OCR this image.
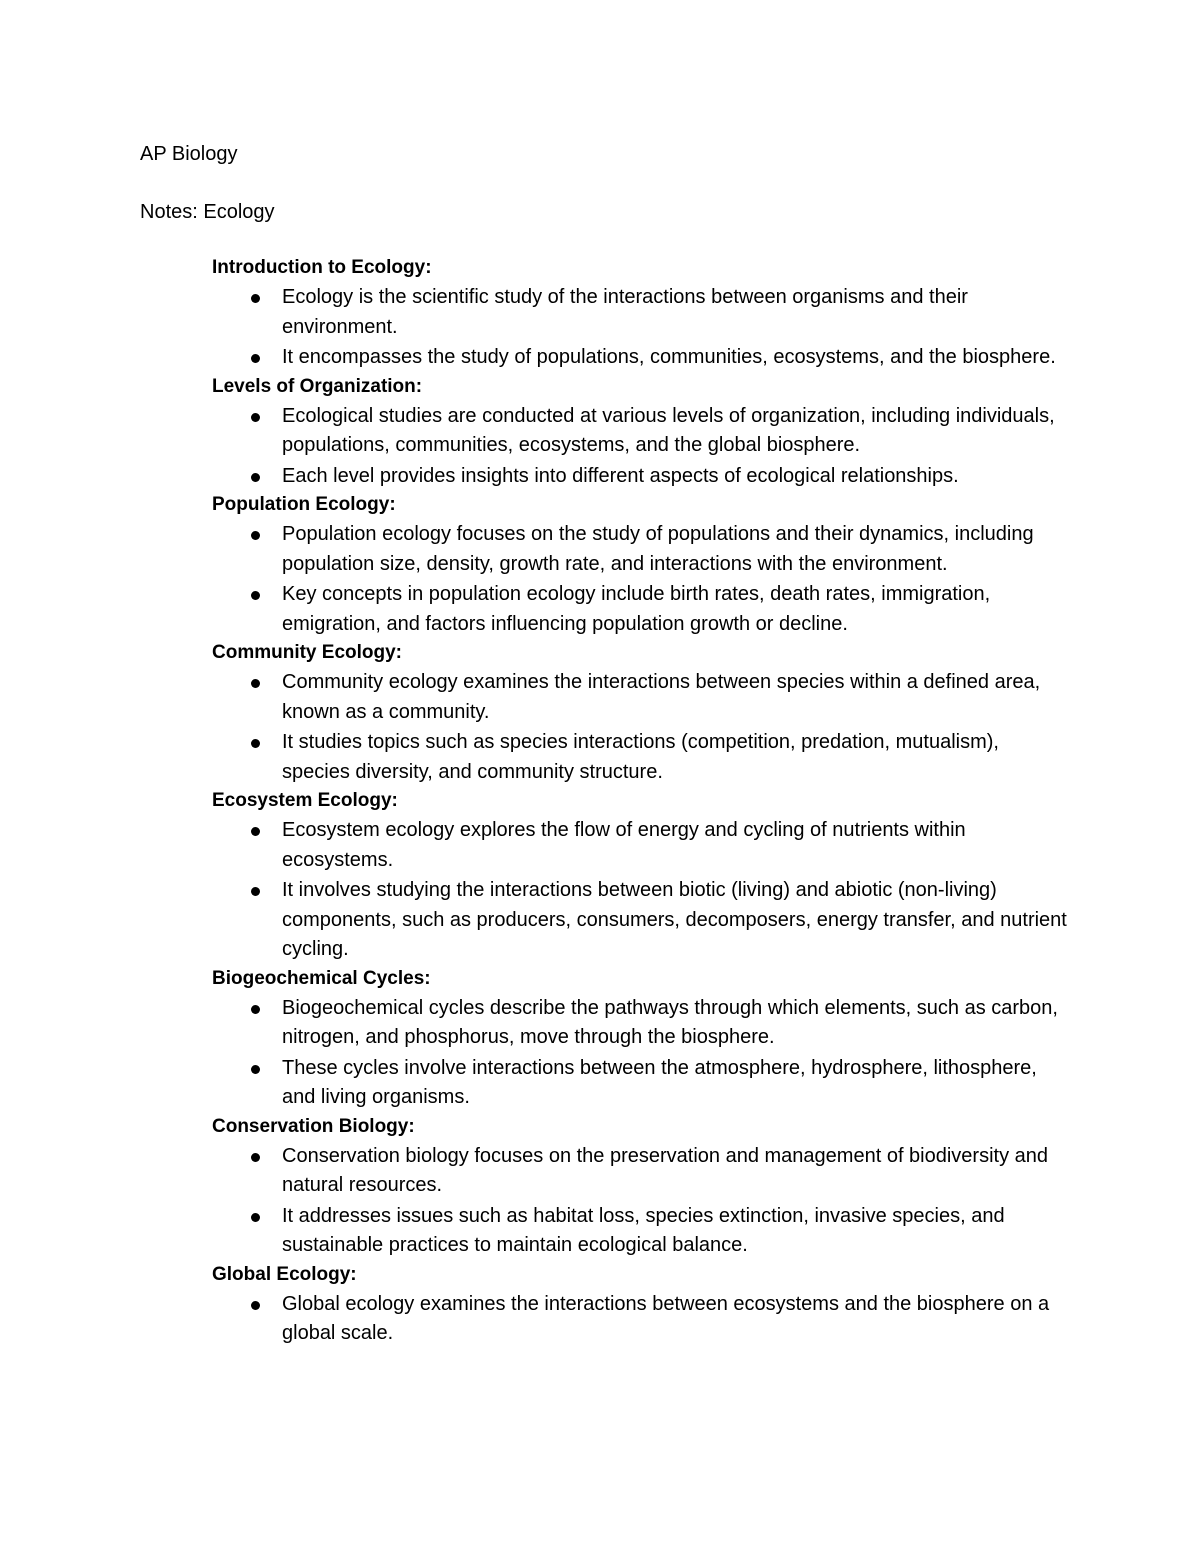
AP Biology
Notes: Ecology
Introduction to Ecology:
Ecology is the scientific study of the interactions between organisms and their environment.
It encompasses the study of populations, communities, ecosystems, and the biosphere.
Levels of Organization:
Ecological studies are conducted at various levels of organization, including individuals, populations, communities, ecosystems, and the global biosphere.
Each level provides insights into different aspects of ecological relationships.
Population Ecology:
Population ecology focuses on the study of populations and their dynamics, including population size, density, growth rate, and interactions with the environment.
Key concepts in population ecology include birth rates, death rates, immigration, emigration, and factors influencing population growth or decline.
Community Ecology:
Community ecology examines the interactions between species within a defined area, known as a community.
It studies topics such as species interactions (competition, predation, mutualism), species diversity, and community structure.
Ecosystem Ecology:
Ecosystem ecology explores the flow of energy and cycling of nutrients within ecosystems.
It involves studying the interactions between biotic (living) and abiotic (non-living) components, such as producers, consumers, decomposers, energy transfer, and nutrient cycling.
Biogeochemical Cycles:
Biogeochemical cycles describe the pathways through which elements, such as carbon, nitrogen, and phosphorus, move through the biosphere.
These cycles involve interactions between the atmosphere, hydrosphere, lithosphere, and living organisms.
Conservation Biology:
Conservation biology focuses on the preservation and management of biodiversity and natural resources.
It addresses issues such as habitat loss, species extinction, invasive species, and sustainable practices to maintain ecological balance.
Global Ecology:
Global ecology examines the interactions between ecosystems and the biosphere on a global scale.
